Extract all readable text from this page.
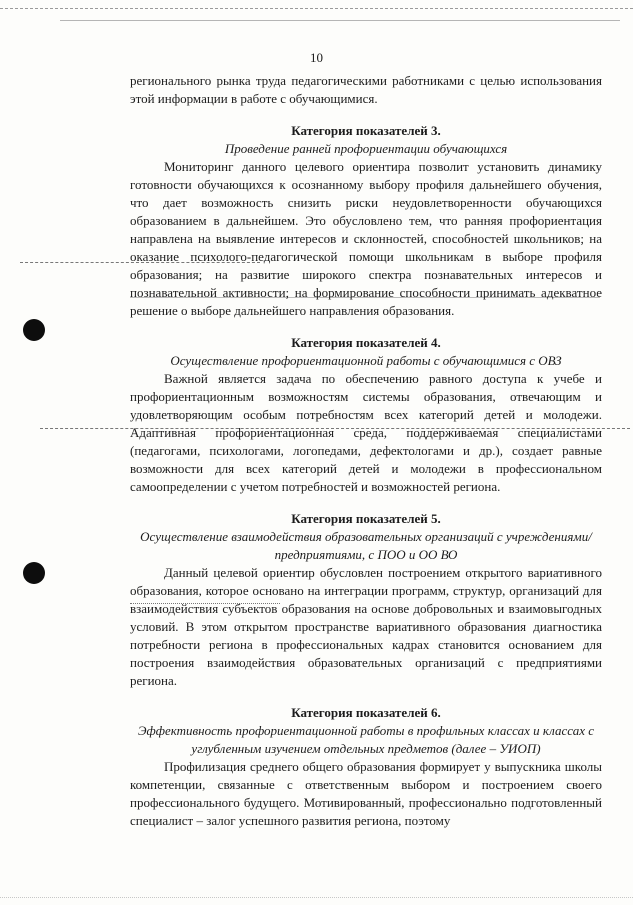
10

регионального рынка труда педагогическими работниками с целью использования этой информации в работе с обучающимися.

Категория показателей 3.
Проведение ранней профориентации обучающихся

Мониторинг данного целевого ориентира позволит установить динамику готовности обучающихся к осознанному выбору профиля дальнейшего обучения, что дает возможность снизить риски неудовлетворенности обучающихся образованием в дальнейшем. Это обусловлено тем, что ранняя профориентация направлена на выявление интересов и склонностей, способностей школьников; на оказание психолого-педагогической помощи школьникам в выборе профиля образования; на развитие широкого спектра познавательных интересов и познавательной активности; на формирование способности принимать адекватное решение о выборе дальнейшего направления образования.

Категория показателей 4.
Осуществление профориентационной работы с обучающимися с ОВЗ

Важной является задача по обеспечению равного доступа к учебе и профориентационным возможностям системы образования, отвечающим и удовлетворяющим особым потребностям всех категорий детей и молодежи. Адаптивная профориентационная среда, поддерживаемая специалистами (педагогами, психологами, логопедами, дефектологами и др.), создает равные возможности для всех категорий детей и молодежи в профессиональном самоопределении с учетом потребностей и возможностей региона.

Категория показателей 5.
Осуществление взаимодействия образовательных организаций с учреждениями/предприятиями, с ПОО и ОО ВО

Данный целевой ориентир обусловлен построением открытого вариативного образования, которое основано на интеграции программ, структур, организаций для взаимодействия субъектов образования на основе добровольных и взаимовыгодных условий. В этом открытом пространстве вариативного образования диагностика потребности региона в профессиональных кадрах становится основанием для построения взаимодействия образовательных организаций с предприятиями региона.

Категория показателей 6.
Эффективность профориентационной работы в профильных классах и классах с углубленным изучением отдельных предметов (далее – УИОП)

Профилизация среднего общего образования формирует у выпускника школы компетенции, связанные с ответственным выбором и построением своего профессионального будущего. Мотивированный, профессионально подготовленный специалист – залог успешного развития региона, поэтому
